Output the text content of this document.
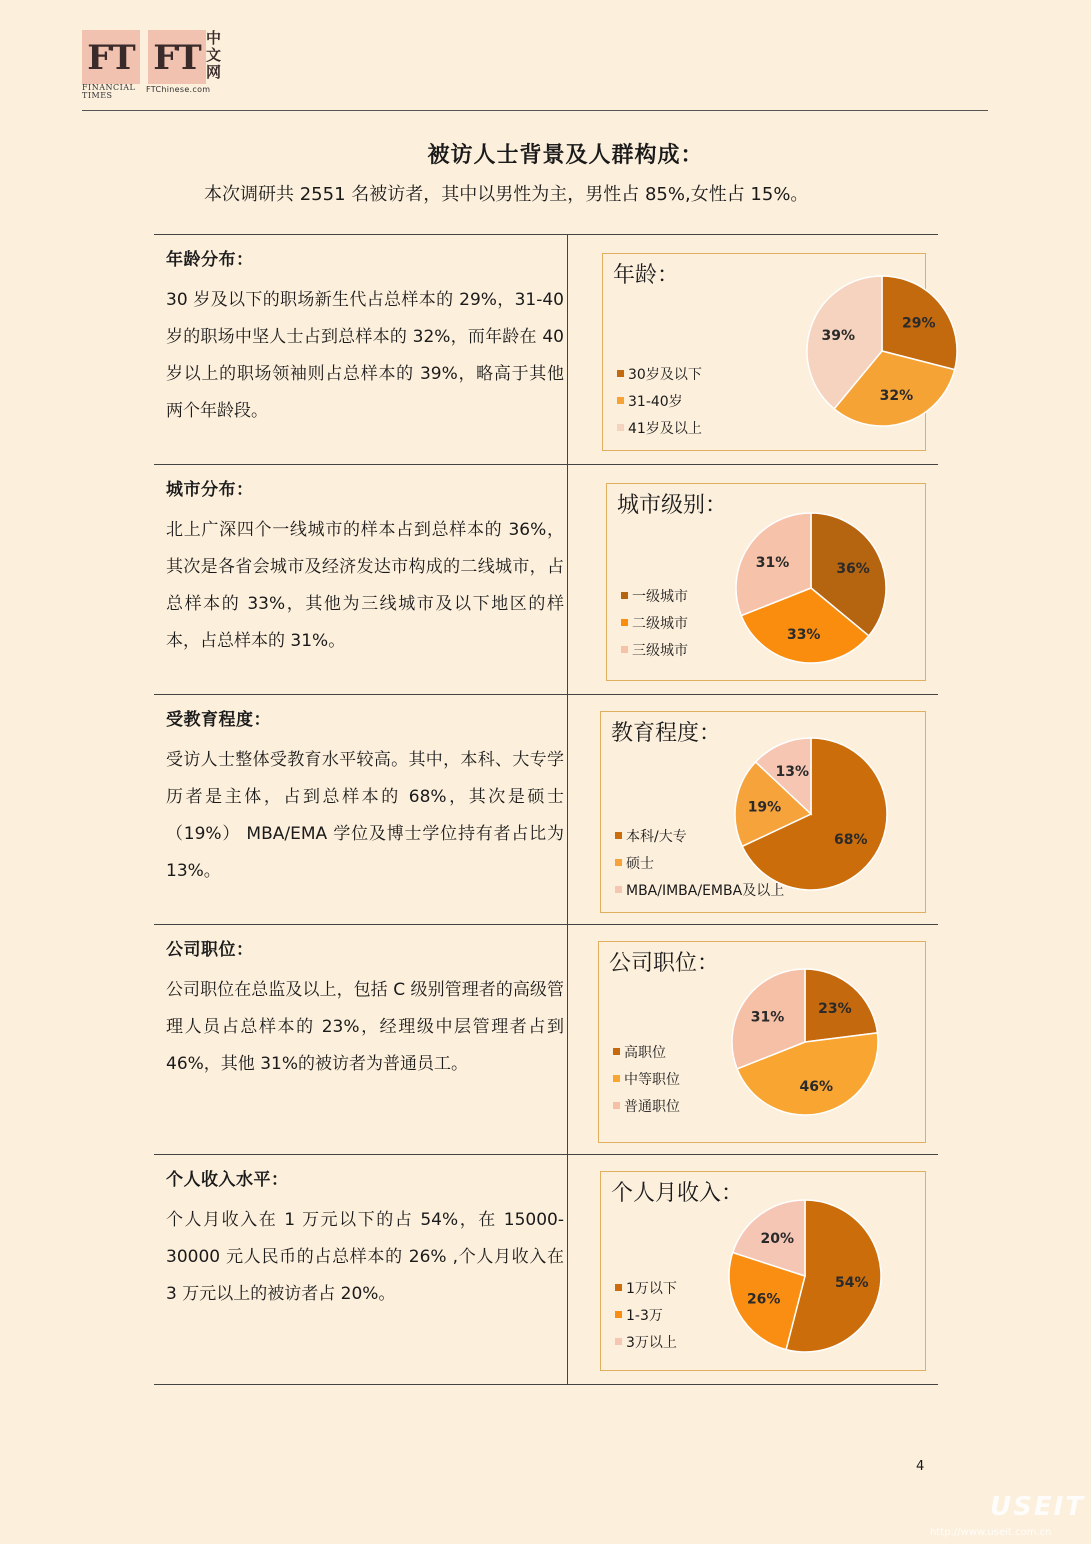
FT FT 中文网
FINANCIAL TIMES
FTChinese.com
被访人士背景及人群构成：
本次调研共 2551 名被访者，其中以男性为主，男性占 85%,女性占 15%。
年龄分布：

30 岁及以下的职场新生代占总样本的 29%，31-40 岁的职场中坚人士占到总样本的 32%，而年龄在 40 岁以上的职场领袖则占总样本的 39%，略高于其他两个年龄段。

年龄：
30岁及以下
31-40岁
41岁及以上
29%
32%
39%
城市分布：

北上广深四个一线城市的样本占到总样本的 36%，其次是各省会城市及经济发达市构成的二线城市，占总样本的 33%，其他为三线城市及以下地区的样本，占总样本的 31%。

城市级别：
一级城市
二级城市
三级城市
36%
33%
31%
受教育程度：

受访人士整体受教育水平较高。其中，本科、大专学历者是主体，占到总样本的 68%，其次是硕士（19%） MBA/EMA 学位及博士学位持有者占比为 13%。

教育程度：
本科/大专
硕士
MBA/IMBA/EMBA及以上
68%
19%
13%
公司职位：

公司职位在总监及以上，包括 C 级别管理者的高级管理人员占总样本的 23%，经理级中层管理者占到 46%，其他 31%的被访者为普通员工。

公司职位：
高职位
中等职位
普通职位
23%
46%
31%
个人收入水平：

个人月收入在 1 万元以下的占 54%，在 15000-30000 元人民币的占总样本的 26% ,个人月收入在 3 万元以上的被访者占 20%。

个人月收入：
1万以下
1-3万
3万以上
54%
26%
20%
4
USEIT
http://www.useit.com.cn
